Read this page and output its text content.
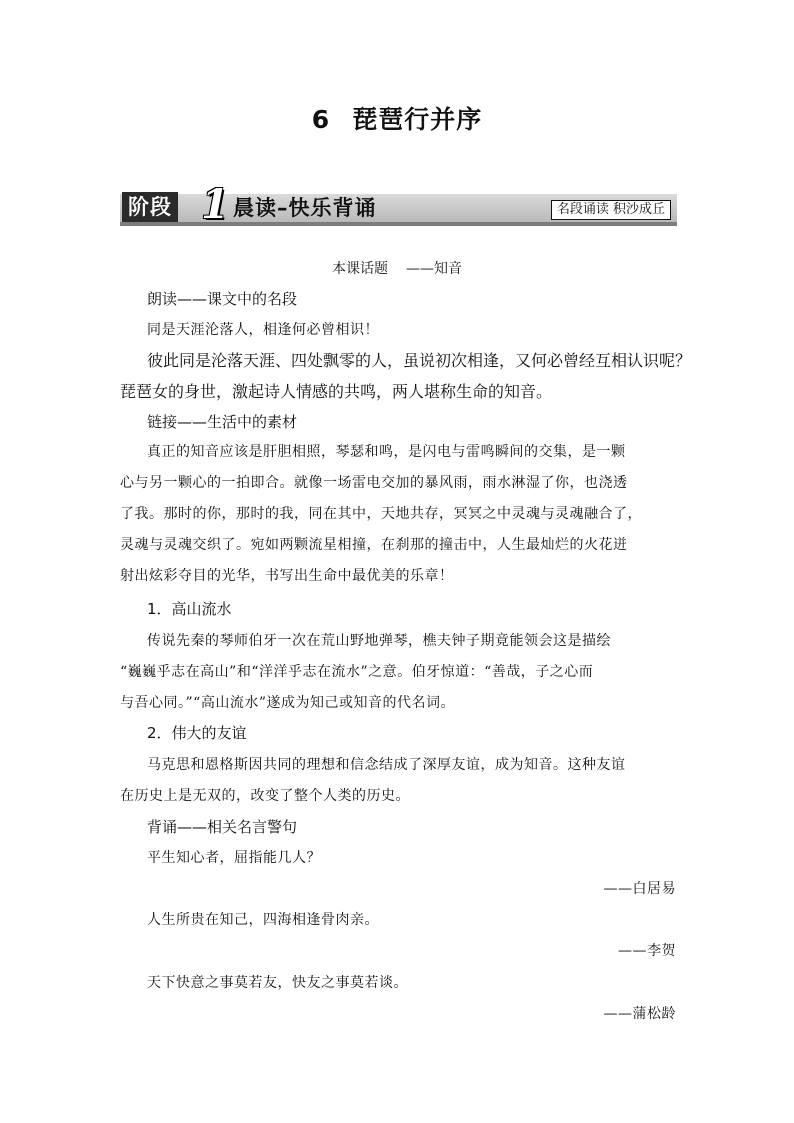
6 琵琶行并序
阶段 1 晨读–快乐背诵	名段诵读 积沙成丘
本课话题 ——知音
朗读——课文中的名段
同是天涯沦落人，相逢何必曾相识！
彼此同是沦落天涯、四处飘零的人，虽说初次相逢，又何必曾经互相认识呢？
琵琶女的身世，激起诗人情感的共鸣，两人堪称生命的知音。
链接——生活中的素材
真正的知音应该是肝胆相照，琴瑟和鸣，是闪电与雷鸣瞬间的交集，是一颗
心与另一颗心的一拍即合。就像一场雷电交加的暴风雨，雨水淋湿了你，也浇透
了我。那时的你，那时的我，同在其中，天地共存，冥冥之中灵魂与灵魂融合了，
灵魂与灵魂交织了。宛如两颗流星相撞，在刹那的撞击中，人生最灿烂的火花迸
射出炫彩夺目的光华，书写出生命中最优美的乐章！
1．高山流水
传说先秦的琴师伯牙一次在荒山野地弹琴，樵夫钟子期竟能领会这是描绘
“巍巍乎志在高山”和“洋洋乎志在流水”之意。伯牙惊道：“善哉，子之心而
与吾心同。”“高山流水”遂成为知己或知音的代名词。
2．伟大的友谊
马克思和恩格斯因共同的理想和信念结成了深厚友谊，成为知音。这种友谊
在历史上是无双的，改变了整个人类的历史。
背诵——相关名言警句
平生知心者，屈指能几人？
——白居易
人生所贵在知己，四海相逢骨肉亲。
——李贺
天下快意之事莫若友，快友之事莫若谈。
——蒲松龄
